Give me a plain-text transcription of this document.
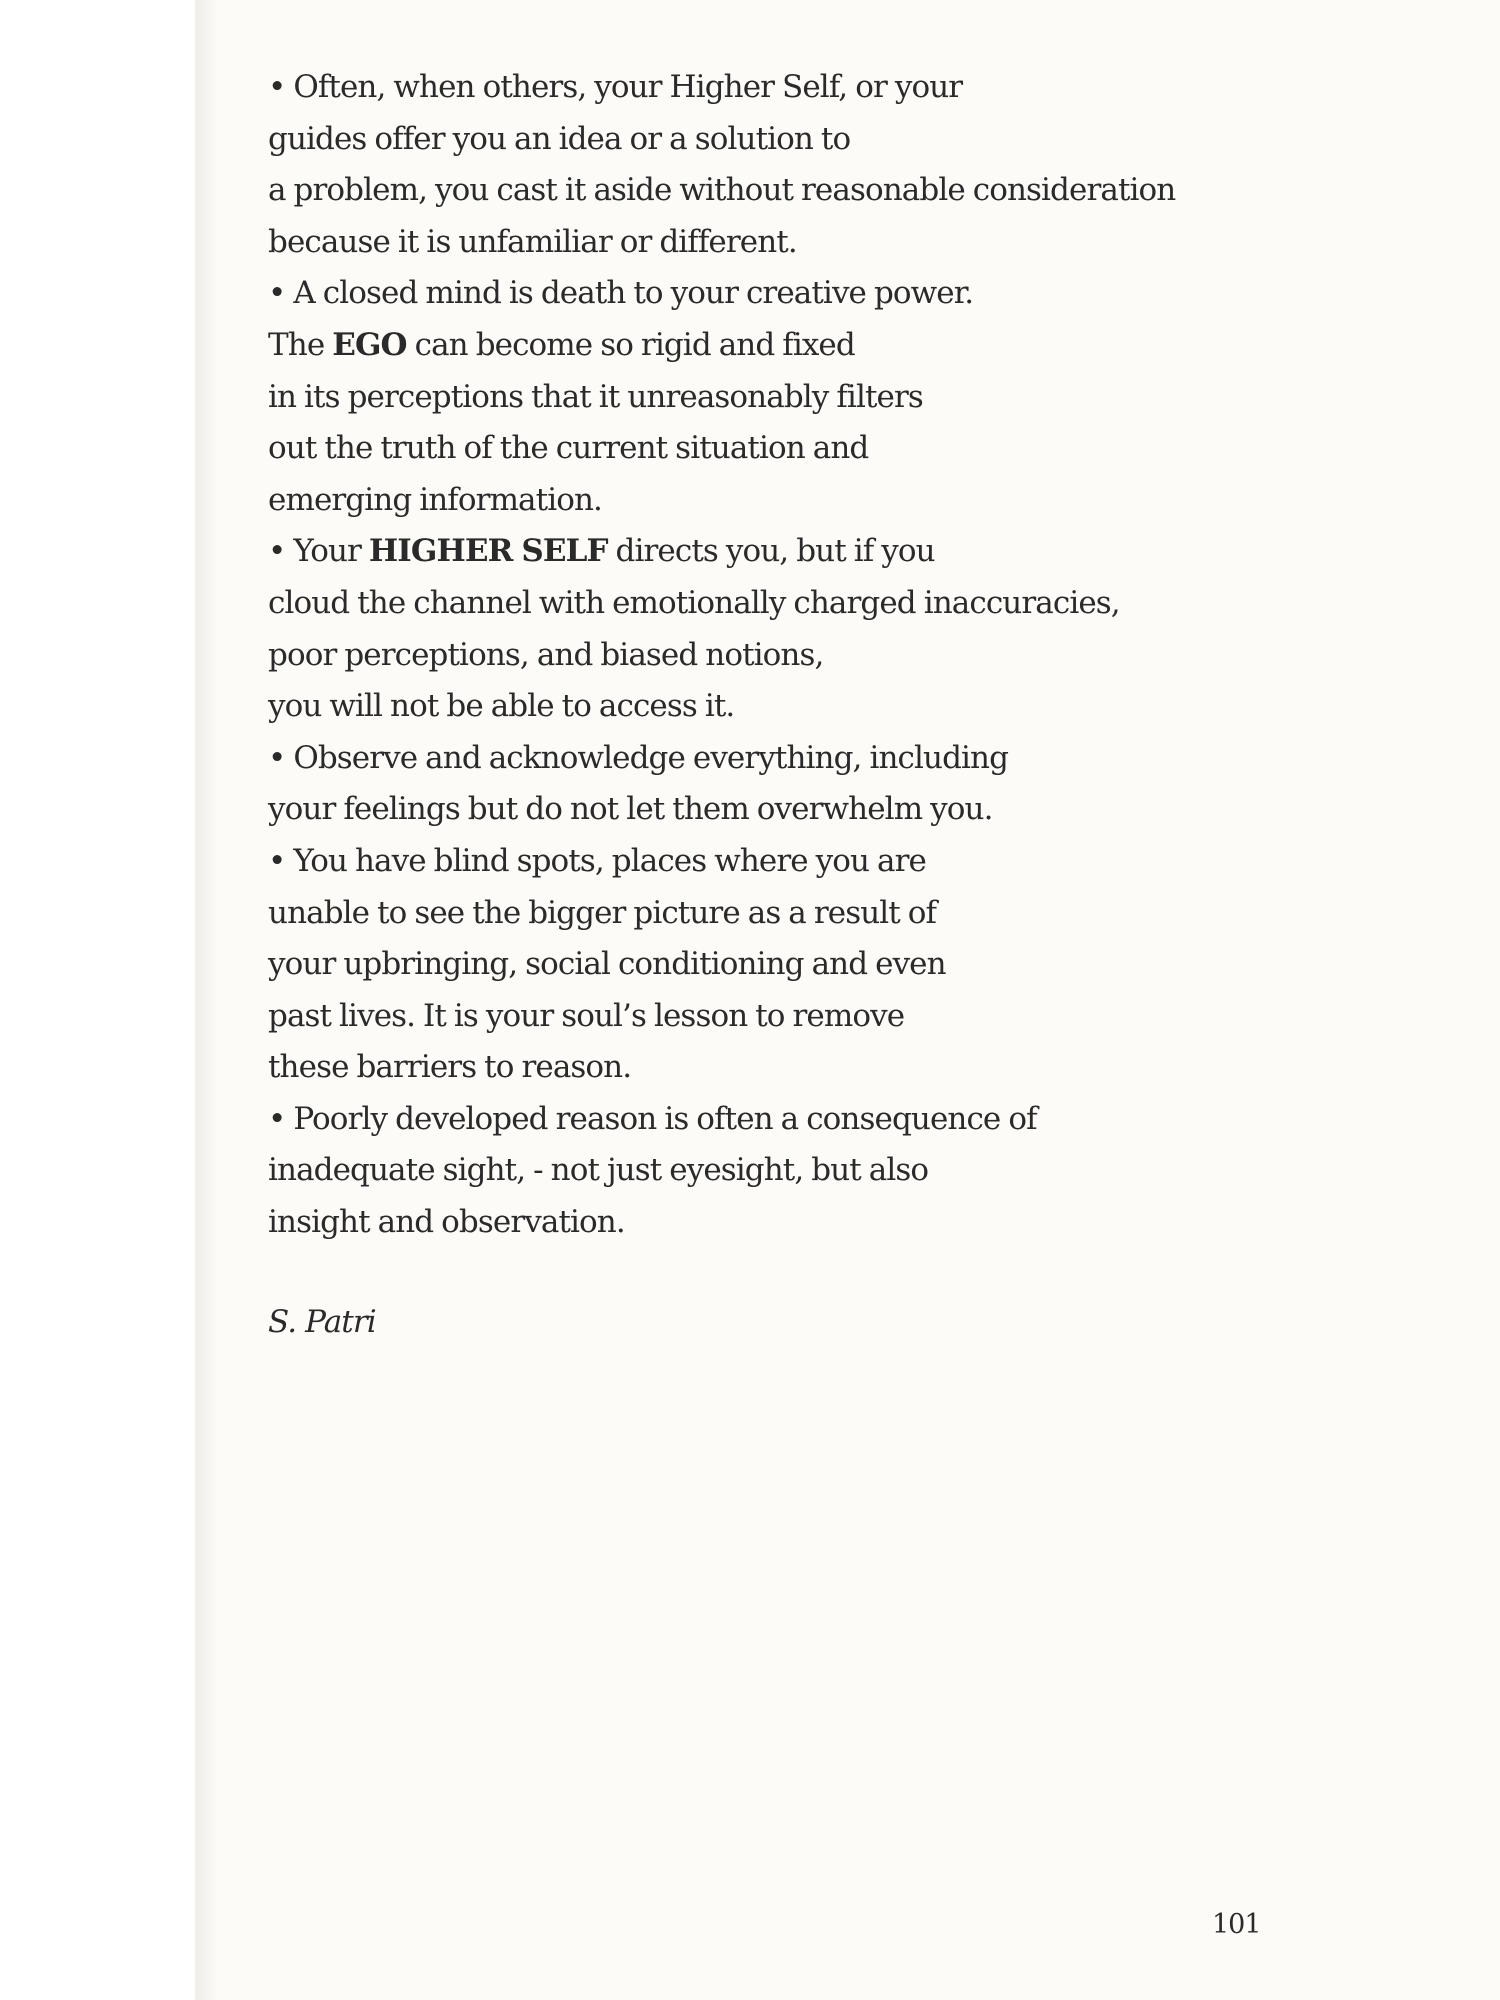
• Often, when others, your Higher Self, or your
guides offer you an idea or a solution to
a problem, you cast it aside without reasonable consideration
because it is unfamiliar or different.
• A closed mind is death to your creative power.
The EGO can become so rigid and fixed
in its perceptions that it unreasonably filters
out the truth of the current situation and
emerging information.
• Your HIGHER SELF directs you, but if you
cloud the channel with emotionally charged inaccuracies,
poor perceptions, and biased notions,
you will not be able to access it.
• Observe and acknowledge everything, including
your feelings but do not let them overwhelm you.
• You have blind spots, places where you are
unable to see the bigger picture as a result of
your upbringing, social conditioning and even
past lives. It is your soul’s lesson to remove
these barriers to reason.
• Poorly developed reason is often a consequence of
inadequate sight, - not just eyesight, but also
insight and observation.
S. Patri
101
